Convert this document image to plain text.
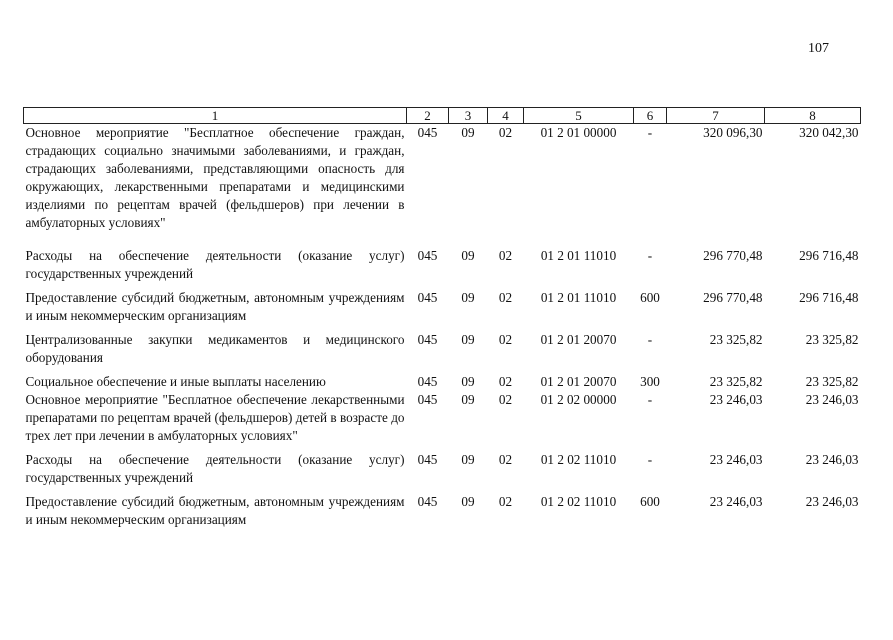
107
1	2	3	4	5	6	7	8
Основное мероприятие "Бесплатное обеспечение граждан, страдающих социально значимыми заболеваниями, и граждан, страдающих заболеваниями, представляющими опасность для окружающих, лекарственными препаратами и медицинскими изделиями по рецептам врачей (фельдшеров) при лечении в амбулаторных условиях"	045	09	02	01 2 01 00000	-	320 096,30	320 042,30

Расходы на обеспечение деятельности (оказание услуг) государственных учреждений	045	09	02	01 2 01 11010	-	296 770,48	296 716,48

Предоставление субсидий бюджетным, автономным учреждениям и иным некоммерческим организациям	045	09	02	01 2 01 11010	600	296 770,48	296 716,48

Централизованные закупки медикаментов и медицинского оборудования	045	09	02	01 2 01 20070	-	23 325,82	23 325,82

Социальное обеспечение и иные выплаты населению	045	09	02	01 2 01 20070	300	23 325,82	23 325,82
Основное мероприятие "Бесплатное обеспечение лекарственными препаратами по рецептам врачей (фельдшеров) детей в возрасте до трех лет при лечении в амбулаторных условиях"	045	09	02	01 2 02 00000	-	23 246,03	23 246,03

Расходы на обеспечение деятельности (оказание услуг) государственных учреждений	045	09	02	01 2 02 11010	-	23 246,03	23 246,03

Предоставление субсидий бюджетным, автономным учреждениям и иным некоммерческим организациям	045	09	02	01 2 02 11010	600	23 246,03	23 246,03
